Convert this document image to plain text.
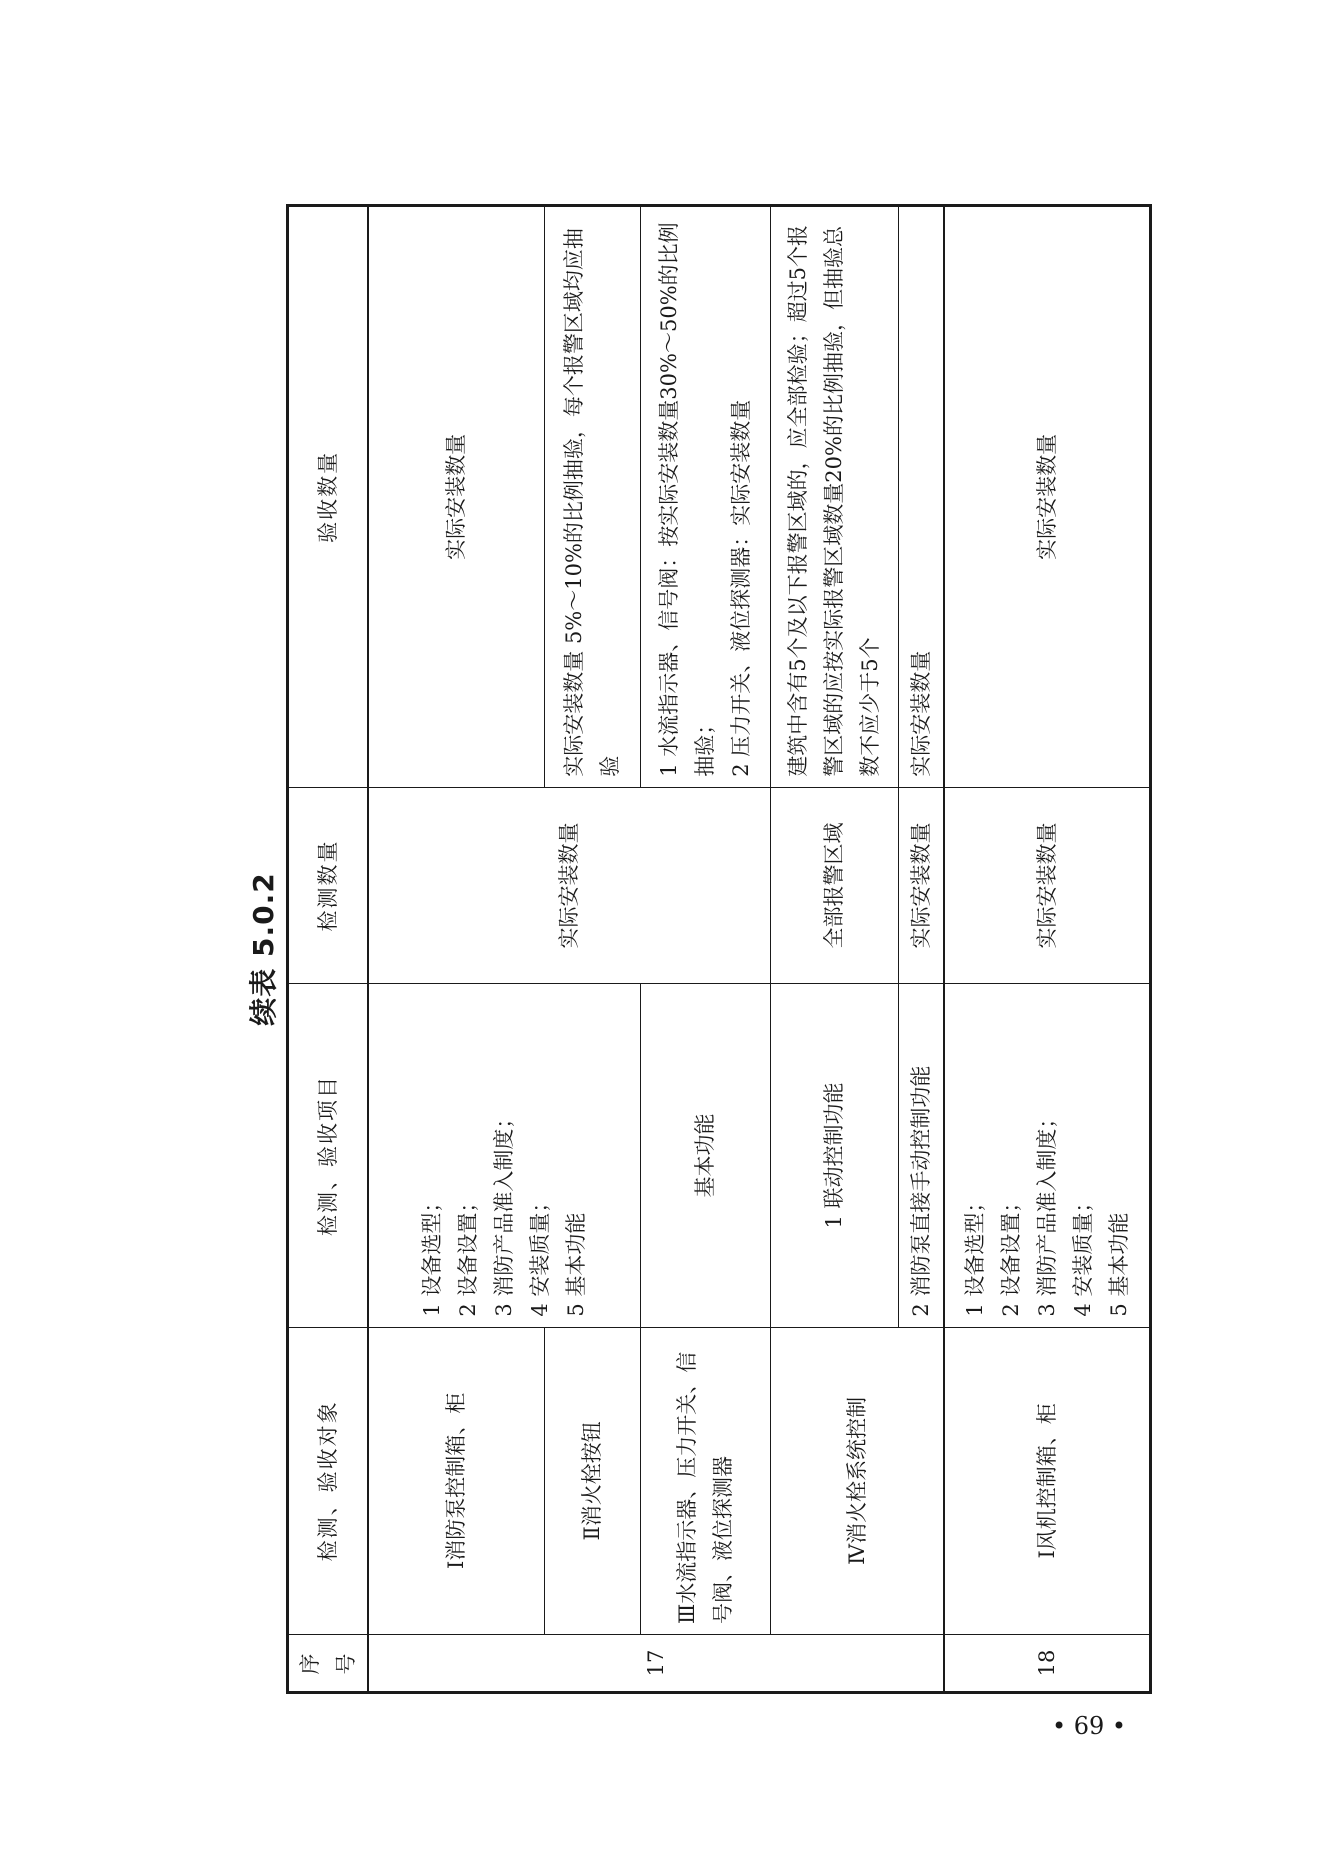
续表 5.0.2
序号	检测、验收对象	检测、验收项目	检测数量	验收数量
17	Ⅰ消防泵控制箱、柜	1 设备选型； 2 设备设置； 3 消防产品准入制度； 4 安装质量； 5 基本功能	实际安装数量	实际安装数量
	Ⅱ消火栓按钮			实际安装数量 5%～10%的比例抽验，每个报警区域均应抽验
	Ⅲ水流指示器、压力开关、信号阀、液位探测器	基本功能		1 水流指示器、信号阀：按实际安装数量30%～50%的比例抽验； 2 压力开关、液位探测器：实际安装数量

	Ⅳ消火栓系统控制	1 联动控制功能	全部报警区域	建筑中含有5个及以下报警区域的，应全部检验；超过5个报警区域的应按实际报警区域数量20%的比例抽验，但抽验总数不应少于5个
		2 消防泵直接手动控制功能	实际安装数量	实际安装数量
18	Ⅰ风机控制箱、柜	1 设备选型； 2 设备设置； 3 消防产品准入制度； 4 安装质量； 5 基本功能	实际安装数量	实际安装数量
• 69 •
